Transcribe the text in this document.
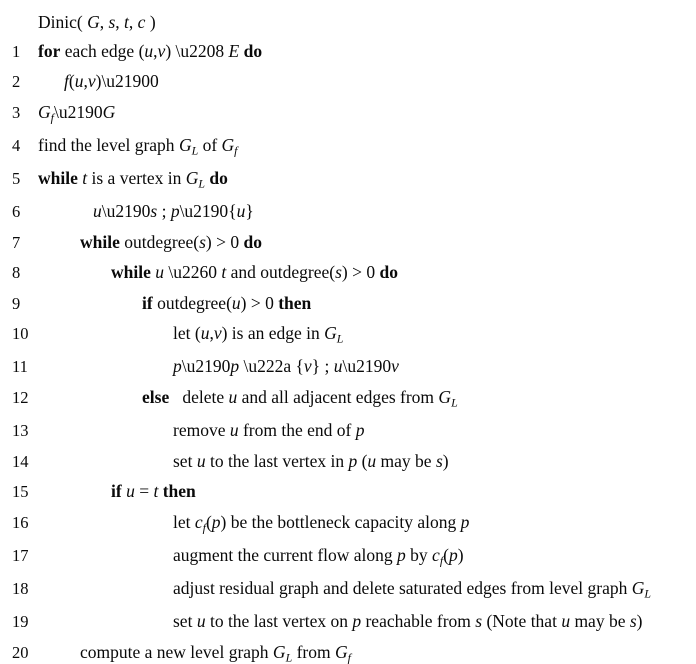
Dinic( G, s, t, c )
1	for each edge (u,v) \u2208 E do
2	f(u,v)\u21900
3	$G_f\backslash u2190G$
4	find the level graph $G_L$ of $G_f$
5	while t is a vertex in $G_L$ do
6	u\u2190s ; p\u2190{u}
7	while outdegree(s) > 0 do
8	while u \u2260 t and outdegree(s) > 0 do
9	if outdegree(u) > 0 then
10	let (u,v) is an edge in $G_L$
11	p\u2190p \u222a {v} ; u\u2190v
12	else   delete u and all adjacent edges from $G_L$
13	remove u from the end of p
14	set u to the last vertex in p (u may be s)
15	if u = t then
16	let $c_f(p)$ be the bottleneck capacity along p
17	augment the current flow along p by $c_f(p)$
18	adjust residual graph and delete saturated edges from level graph $G_L$
19	set u to the last vertex on p reachable from s (Note that u may be s)
20	compute a new level graph $G_L$ from $G_f$
